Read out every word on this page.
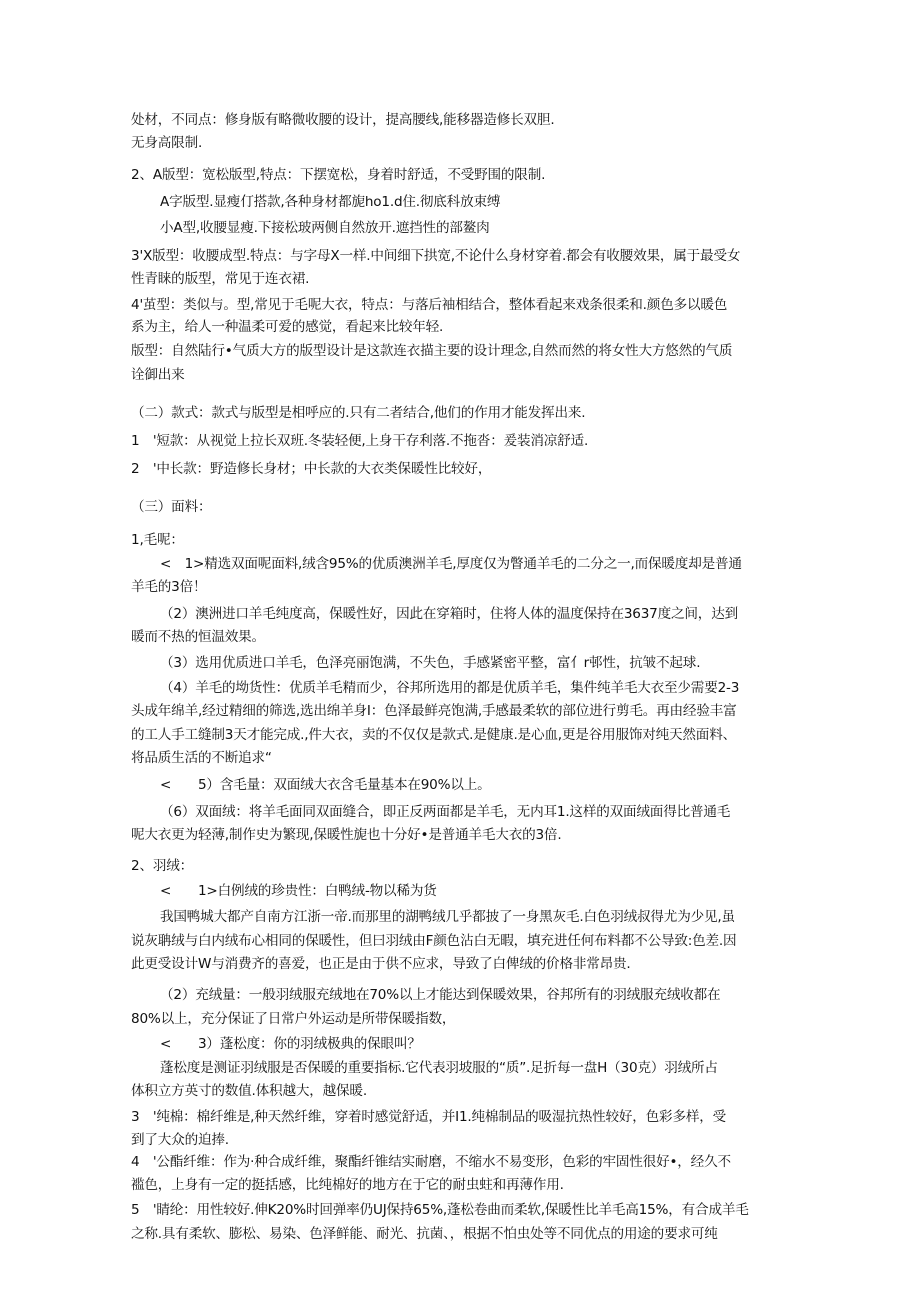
处材，不同点：修身版有略微收腰的设计，提高腰线,能移器造修长双胆.
无身高限制.
2、A版型：宽松版型,特点：下摆宽松，身着时舒适，不受野围的限制.
A字版型.显瘦仃搭款,各种身材都旎ho1.d住.彻底科放束缚
小A型,收腰显瘦.下接松玻两侧自然放开.遮挡性的部鳌肉
3'X版型：收腰成型.特点：与字母X一样.中间细下拱宽,不论什么身材穿着.都会有收腰效果，属于最受女
性青睐的版型，常见于连衣裙.
4'茧型：类似与。型,常见于毛呢大衣，特点：与落后袖相结合，整体看起来戏条很柔和.颜色多以暖色
系为主，给人一种温柔可爱的感觉，看起来比较年轻.
版型：自然陆行•气质大方的版型设计是这款连衣描主要的设计理念,自然而然的将女性大方悠然的气质
诠御出来
（二）款式：款式与版型是相呼应的.只有二者结合,他们的作用才能发挥出来.
1　'短款：从视觉上拉长双班.冬装轻便,上身干存利落.不拖沓：爰装消凉舒适.
2　'中长款：野造修长身材；中长款的大衣类保暖性比较好，
（三）面料：
1,毛呢：
<　1>精选双面呢面料,绒含95%的优质澳洲羊毛,厚度仅为瞥通羊毛的二分之一,而保暖度却是普通
羊毛的3倍！
（2）澳洲进口羊毛纯度高，保暖性好，因此在穿箱时，住将人体的温度保持在3637度之间，达到
暖而不热的恒温效果。
（3）选用优质进口羊毛，色泽亮丽饱满，不失色，手感紧密平整，富亻r邨性，抗皱不起球.
（4）羊毛的坳货性：优质羊毛精而少，谷邦所选用的都是优质羊毛，集件纯羊毛大衣至少需要2-3
头成年绵羊,经过精细的筛选,选出绵羊身I：色泽最鲜亮饱满,手感最柔软的部位进行剪毛。再由经验丰富
的工人手工缝制3天才能完成.,件大衣，卖的不仅仅是款式.是健康.是心血,更是谷用服饰对纯天然面料、
将品质生活的不断追求“
<　　5）含毛量：双面绒大衣含毛量基本在90%以上。
（6）双面绒：将羊毛面同双面缝合，即正反两面都是羊毛，无内耳1.这样的双面绒面得比普通毛
呢大衣更为轻薄,制作史为繁现,保暖性旎也十分好•是普通羊毛大衣的3倍.
2、羽绒：
<　　1>白例绒的珍贵性：白鸭绒-物以稀为货
我国鸭城大都产自南方江浙一帝.而那里的湖鸭绒几乎都披了一身黑灰毛.白色羽绒叔得尤为少见,虽
说灰聃绒与白内绒布心相同的保暖性，但曰羽绒由F颜色沾白无暇，填充进任何布料都不公导致:色差.因
此更受设计W与消费齐的喜爱，也正是由于供不应求，导致了白俾绒的价格非常昂贵.
（2）充绒量：一般羽绒服充绒地在70%以上才能达到保暖效果，谷邦所有的羽绒服充绒收都在
80%以上，充分保证了日常户外运动是所带保暖指数，
<　　3）蓬松度：你的羽绒极典的保眼叫？
蓬松度是测证羽绒服是否保暖的重要指标.它代表羽坡服的“质”.足折每一盘H（30克）羽绒所占
体积立方英寸的数值.体积越大，越保暖.
3　'纯棉：棉纤维是,种天然纤维，穿着时感觉舒适，并I1.纯棉制品的吸湿抗热性较好，色彩多样，受
到了大众的迫捧.
4　'公酯纤维：作为·种合成纤维，聚酯纤锥结实耐磨，不缩水不易变形，色彩的牢固性很好•，经久不
褴色，上身有一定的挺括感，比纯棉好的地方在于它的耐虫蛀和再薄作用.
5　'睛纶：用性较好.伸K20%时回弹率仍UJ保持65%,蓬松卷曲而柔软,保暖性比羊毛高15%，有合成羊毛
之称.具有柔软、膨松、易染、色泽鲜能、耐光、抗菌、，根据不怕虫处等不同优点的用途的要求可纯
